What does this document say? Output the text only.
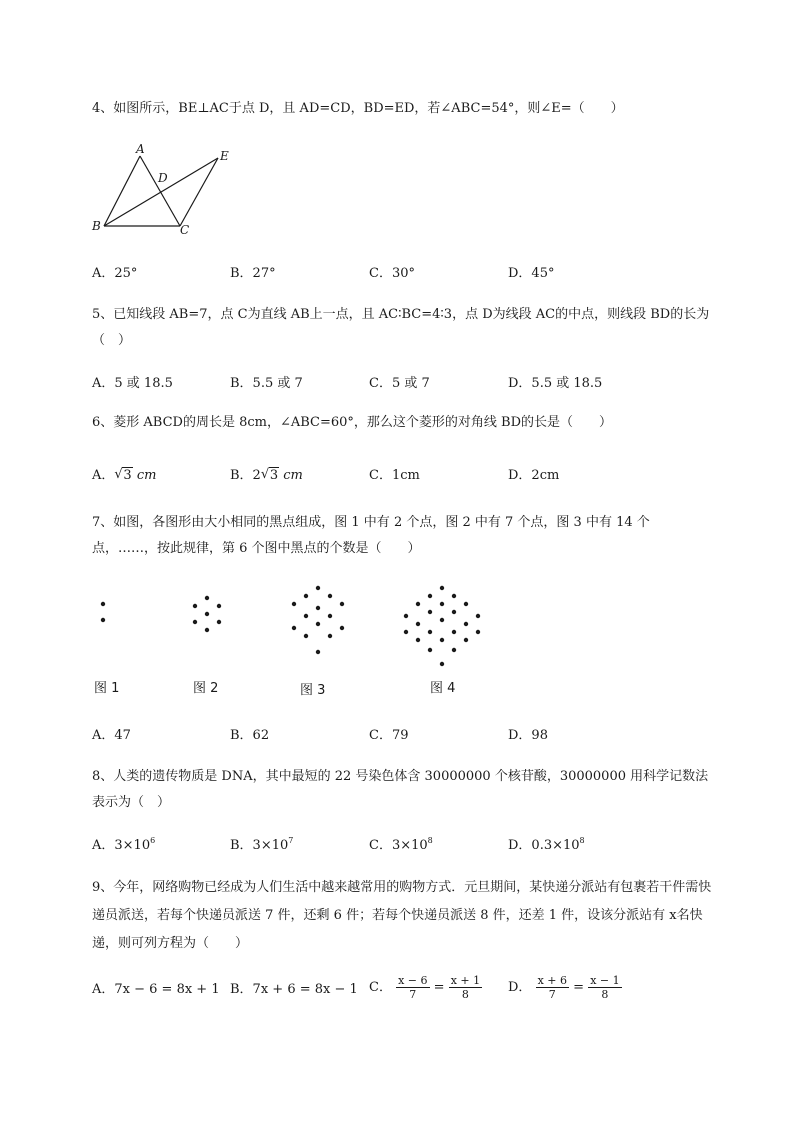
4、如图所示，BE⊥AC于点 D，且 AD=CD，BD=ED，若∠ABC=54°，则∠E=（　　）
A
B	C
D
E
A．25°	B．27°	C．30°	D．45°
5、已知线段 AB=7，点 C为直线 AB上一点，且 AC∶BC=4∶3，点 D为线段 AC的中点，则线段 BD的长为（　）
A．5 或 18.5	B．5.5 或 7	C．5 或 7	D．5.5 或 18.5
6、菱形 ABCD的周长是 8cm，∠ABC=60°，那么这个菱形的对角线 BD的长是（　　）
A． √ 3 cm	B．2 √ 3 cm	C．1cm	D．2cm
7、如图，各图形由大小相同的黑点组成，图 1 中有 2 个点，图 2 中有 7 个点，图 3 中有 14 个点，……，按此规律，第 6 个图中黑点的个数是（　　）
图 1	图 2	图 3	图 4
A．47	B．62	C．79	D．98
8、人类的遗传物质是 DNA，其中最短的 22 号染色体含 30000000 个核苷酸，30000000 用科学记数法表示为（　）
A．$3\times 10^6$	B．$3\times 10^7$	C．$3\times 10^8$	D．$0.3\times 10^8$
9、今年，网络购物已经成为人们生活中越来越常用的购物方式．元旦期间，某快递分派站有包裹若干件需快递员派送，若每个快递员派送 7 件，还剩 6 件；若每个快递员派送 8 件，还差 1 件，设该分派站有 x名快递，则可列方程为（　　）
A．7x − 6 = 8x + 1 B．7x + 6 = 8x − 1 C． $\frac{x - 6}{7} = \frac{x + 1}{8}$ D． $\frac{x + 6}{7} = \frac{x - 1}{8}$
